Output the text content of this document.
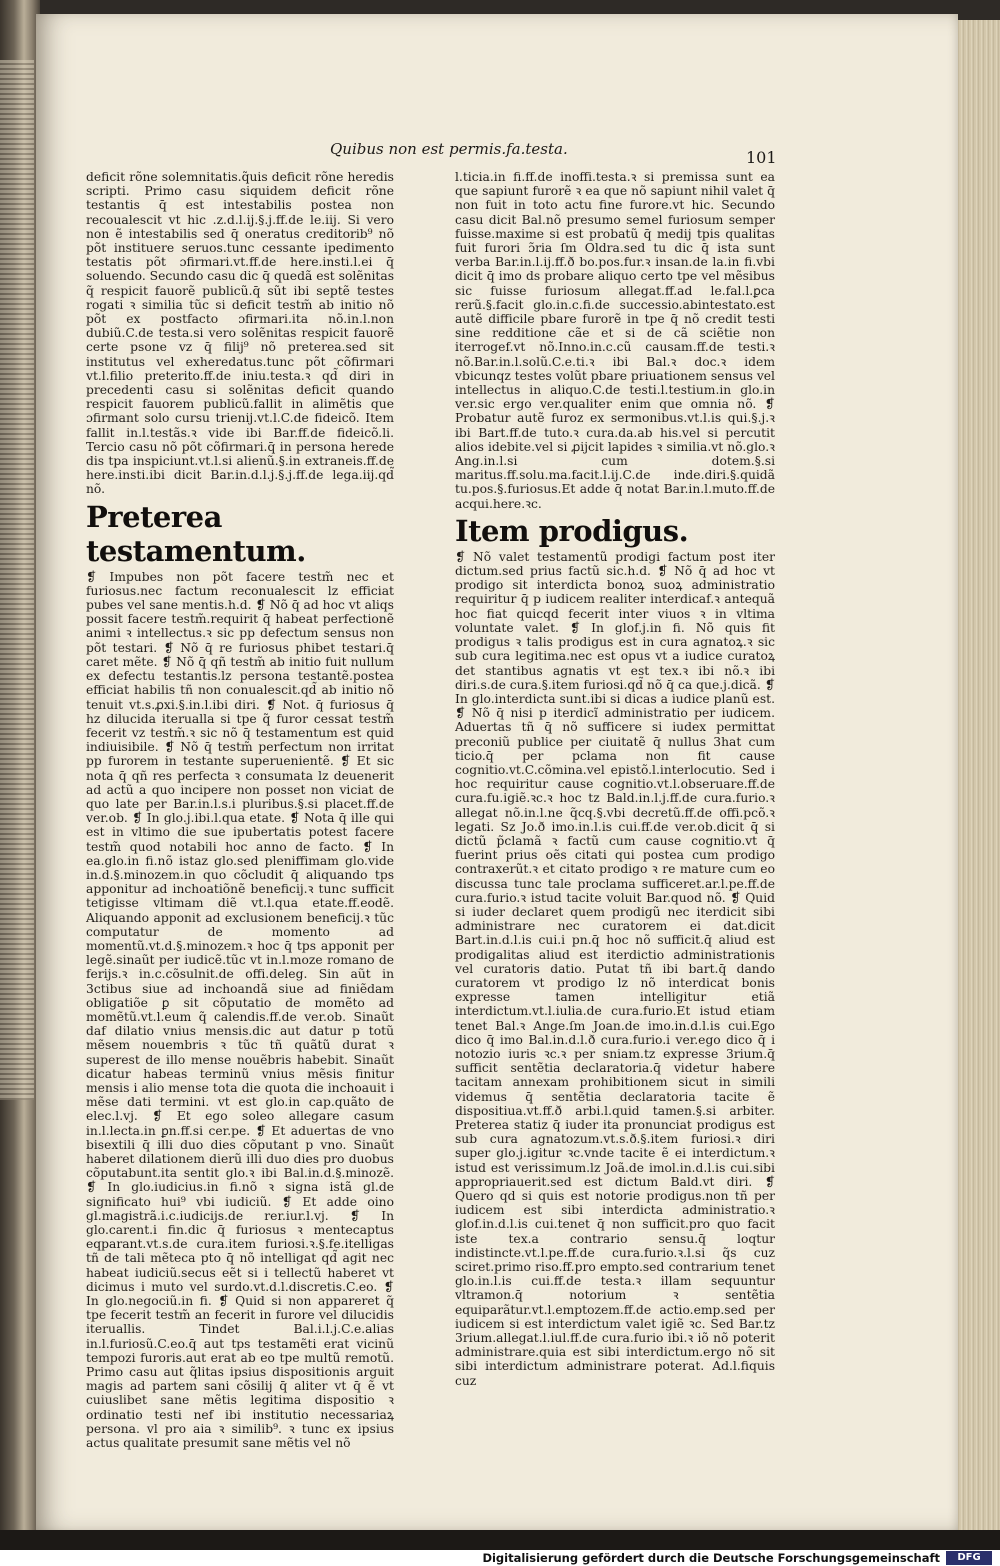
Quibus non est permis.fa.testa.	101

deficit rõne solemnitatis.q̃uis deficit rõne heredis scripti. Primo casu siquidem deficit rõne testantis q̄ est intestabilis postea non recoualescit vt hic .z.d.l.ij.§.j.ff.de le.iij. Si vero non ẽ intestabilis sed q̄ oneratus creditorib⁹ nõ põt instituere seruos.tunc cessante ipedimento testatis põt ɔfirmari.vt.ff.de here.insti.l.ei q̄ soluendo. Secundo casu dic q̄ quedã est solẽnitas q̃ respicit fauorẽ publicũ.q̄ sũt ibi septẽ testes rogati ꝛ similia tũc si deficit testm̃ ab initio nõ põt ex postfacto ɔfirmari.ita nõ.in.l.non dubiũ.C.de testa.si vero solẽnitas respicit fauorẽ certe psone vz q̄ filij⁹ nõ preterea.sed sit institutus vel exheredatus.tunc põt cõfirmari vt.l.filio preterito.ff.de iniu.testa.ꝛ qd̃ diri in precedenti casu si solẽnitas deficit quando respicit fauorem publicũ.fallit in alimẽtis que ɔfirmant solo cursu trienij.vt.l.C.de fideicõ. Item fallit in.l.testãs.ꝛ vide ibi Bar.ff.de fideicõ.li. Tercio casu nõ põt cõfirmari.q̄ in persona herede dis tpa inspiciunt.vt.l.si alienũ.§.in extraneis.ff.de here.insti.ibi dicit Bar.in.d.l.j.§.j.ff.de lega.iij.qd̃ nõ.

Preterea testamentum.

❡ Impubes non põt facere testm̃ nec et furiosus.nec factum reconualescit lz efficiat pubes vel sane mentis.h.d. ❡ Nõ q̄ ad hoc vt aliqs possit facere testm̃.requirit q̄ habeat perfectionẽ animi ꝛ intellectus.ꝛ sic pp defectum sensus non põt testari. ❡ Nõ q̄ re furiosus phibet testari.q̄ caret mẽte. ❡ Nõ q̄ qñ testm̃ ab initio fuit nullum ex defectu testantis.lz persona testantẽ.postea efficiat habilis tñ non conualescit.qd̃ ab initio nõ tenuit vt.s.ꝓxi.§.in.l.ibi diri. ❡ Not. q̄ furiosus q̄ hz dilucida iterualla si tpe q̃ furor cessat testm̃ fecerit vz testm̃.ꝛ sic nõ q̄ testamentum est quid indiuisibile. ❡ Nõ q̄ testm̃ perfectum non irritat pp furorem in testante superuenientẽ. ❡ Et sic nota q̄ qñ res perfecta ꝛ consumata lz deuenerit ad actũ a quo incipere non posset non viciat de quo late per Bar.in.l.s.i pluribus.§.si placet.ff.de ver.ob. ❡ In glo.j.ibi.l.qua etate. ❡ Nota q̄ ille qui est in vltimo die sue ipubertatis potest facere testm̃ quod notabili hoc anno de facto. ❡ In ea.glo.in fi.nõ istaz glo.sed pleniffimam glo.vide in.d.§.minozem.in quo cõcludit q̄ aliquando tps apponitur ad inchoatiõnẽ beneficij.ꝛ tunc sufficit tetigisse vltimam diẽ vt.l.qua etate.ff.eodẽ. Aliquando apponit ad exclusionem beneficij.ꝛ tũc computatur de momento ad momentũ.vt.d.§.minozem.ꝛ hoc q̄ tps apponit per legẽ.sinaũt per iudicẽ.tũc vt in.l.moze romano de ferijs.ꝛ in.c.cõsulnit.de offi.deleg. Sin aũt in 3ctibus siue ad inchoandã siue ad finiẽdam obligatiõe ꝑ sit cõputatio de momẽto ad momẽtũ.vt.l.eum q̃ calendis.ff.de ver.ob. Sinaũt daf dilatio vnius mensis.dic aut datur p totũ mẽsem nouembris ꝛ tũc tñ quãtũ durat ꝛ superest de illo mense nouẽbris habebit. Sinaũt dicatur habeas terminũ vnius mẽsis finitur mensis i alio mense tota die quota die inchoauit i mẽse dati termini. vt est glo.in cap.quãto de elec.l.vj. ❡ Et ego soleo allegare casum in.l.lecta.in ꝑn.ff.si cer.pe. ❡ Et aduertas de vno bisextili q̄ illi duo dies cõputant p vno. Sinaũt haberet dilationem dierũ illi duo dies pro duobus cõputabunt.ita sentit glo.ꝛ ibi Bal.in.d.§.minozẽ. ❡ In glo.iudicius.in fi.nõ ꝛ signa istã gl.de significato hui⁹ vbi iudiciũ. ❡ Et adde oino gl.magistrã.i.c.iudicijs.de rer.iur.l.vj. ❡ In glo.carent.i fin.dic q̄ furiosus ꝛ mentecaptus eqparant.vt.s.de cura.item furiosi.ꝛ.§.fe.itelligas tñ de tali mẽteca pto q̄ nõ intelligat qd̃ agit nec habeat iudiciũ.secus eẽt si i tellectũ haberet vt dicimus i muto vel surdo.vt.d.l.discretis.C.eo. ❡ In glo.negociũ.in fi. ❡ Quid si non appareret q̃ tpe fecerit testm̃ an fecerit in furore vel dilucidis iteruallis. Tindet Bal.i.l.j.C.e.alias in.l.furiosũ.C.eo.q̄ aut tps testamẽti erat vicinũ tempozi furoris.aut erat ab eo tpe multũ remotũ. Primo casu aut q̃litas ipsius dispositionis arguit magis ad partem sani cõsilij q̄ aliter vt q̄ ẽ vt cuiuslibet sane mẽtis legitima dispositio ꝛ ordinatio testi nef ibi institutio necessariaꝝ persona. vl pro aia ꝛ similib⁹. ꝛ tunc ex ipsius actus qualitate presumit sane mẽtis vel nõ

l.ticia.in fi.ff.de inoffi.testa.ꝛ si premissa sunt ea que sapiunt furorẽ ꝛ ea que nõ sapiunt nihil valet q̄ non fuit in toto actu fine furore.vt hic. Secundo casu dicit Bal.nõ presumo semel furiosum semper fuisse.maxime si est probatũ q̄ medij tpis qualitas fuit furori ɔ̃ria ſm Oldra.sed tu dic q̄ ista sunt verba Bar.in.l.ij.ff.ð bo.pos.fur.ꝛ insan.de la.in fi.vbi dicit q̄ imo ds probare aliquo certo tpe vel mẽsibus sic fuisse furiosum allegat.ff.ad le.fal.l.ꝑca rerũ.§.facit glo.in.c.fi.de successio.abintestato.est autẽ difficile pbare furorẽ in tpe q̄ nõ credit testi sine redditione cãe et si de cã sciẽtie non iterrogef.vt nõ.Inno.in.c.cũ causam.ff.de testi.ꝛ nõ.Bar.in.l.solũ.C.e.ti.ꝛ ibi Bal.ꝛ doc.ꝛ idem vbicunqz testes volũt pbare priuationem sensus vel intellectus in aliquo.C.de testi.l.testium.in glo.in ver.sic ergo ver.qualiter enim que omnia nõ. ❡ Probatur autẽ furoz ex sermonibus.vt.l.is qui.§.j.ꝛ ibi Bart.ff.de tuto.ꝛ cura.da.ab his.vel si percutit alios idebite.vel si ꝓijcit lapides ꝛ similia.vt nõ.glo.ꝛ Ang.in.l.si cum dotem.§.si maritus.ff.solu.ma.facit.l.ij.C.de inde.diri.§.quidã tu.pos.§.furiosus.Et adde q̄ notat Bar.in.l.muto.ff.de acqui.here.ꝛc.

Item prodigus.

❡ Nõ valet testamentũ prodigi factum post iter dictum.sed prius factũ sic.h.d. ❡ Nõ q̄ ad hoc vt prodigo sit interdicta bonoꝝ suoꝝ administratio requiritur q̄ p iudicem realiter interdicaf.ꝛ antequã hoc fiat quicqd fecerit inter viuos ꝛ in vltima voluntate valet. ❡ In glof.j.in fi. Nõ quis fit prodigus ꝛ talis prodigus est in cura agnatoꝝ.ꝛ sic sub cura legitima.nec est opus vt a iudice curatoꝝ det stantibus agnatis vt est tex.ꝛ ibi nõ.ꝛ ibi diri.s.de cura.§.item furiosi.qd̃ nõ q̄ ca que.j.dicã. ❡ In glo.interdicta sunt.ibi si dicas a iudice planũ est. ❡ Nõ q̄ nisi p iterdicĩ administratio per iudicem. Aduertas tñ q̄ nõ sufficere si iudex permittat preconiũ publice per ciuitatẽ q̄ nullus 3hat cum ticio.q̄ per pclama non fit cause cognitio.vt.C.cõmina.vel epistõ.l.interlocutio. Sed i hoc requiritur cause cognitio.vt.l.obseruare.ff.de cura.fu.igiẽ.ꝛc.ꝛ hoc tz Bald.in.l.j.ff.de cura.furio.ꝛ allegat nõ.in.l.ne q̃cq.§.vbi decretũ.ff.de offi.pcõ.ꝛ legati. Sz Jo.ð imo.in.l.is cui.ff.de ver.ob.dicit q̄ si dictũ p̃clamã ꝛ factũ cum cause cognitio.vt q̄ fuerint prius oẽs citati qui postea cum prodigo contraxerũt.ꝛ et citato prodigo ꝛ re mature cum eo discussa tunc tale proclama sufficeret.ar.l.pe.ff.de cura.furio.ꝛ istud tacite voluit Bar.quod nõ. ❡ Quid si iuder declaret quem prodigũ nec iterdicit sibi administrare nec curatorem ei dat.dicit Bart.in.d.l.is cui.i pn.q̄ hoc nõ sufficit.q̄ aliud est prodigalitas aliud est iterdictio administrationis vel curatoris datio. Putat tñ ibi bart.q̄ dando curatorem vt prodigo lz nõ interdicat bonis expresse tamen intelligitur etiã interdictum.vt.l.iulia.de cura.furio.Et istud etiam tenet Bal.ꝛ Ange.ſm Joan.de imo.in.d.l.is cui.Ego dico q̄ imo Bal.in.d.l.ð cura.furio.i ver.ego dico q̄ i notozio iuris ꝛc.ꝛ per sniam.tz expresse 3rium.q̄ sufficit sentẽtia declaratoria.q̄ videtur habere tacitam annexam prohibitionem sicut in simili videmus q̄ sentẽtia declaratoria tacite ẽ dispositiua.vt.ff.ð arbi.l.quid tamen.§.si arbiter. Preterea statiz q̄ iuder ita pronunciat prodigus est sub cura agnatozum.vt.s.ð.§.item furiosi.ꝛ diri super glo.j.igitur ꝛc.vnde tacite ẽ ei interdictum.ꝛ istud est verissimum.lz Joã.de imol.in.d.l.is cui.sibi appropriauerit.sed est dictum Bald.vt diri. ❡ Quero qd si quis est notorie prodigus.non tñ per iudicem est sibi interdicta administratio.ꝛ glof.in.d.l.is cui.tenet q̄ non sufficit.pro quo facit iste tex.a contrario sensu.q̄ loqtur indistincte.vt.l.pe.ff.de cura.furio.ꝛ.l.si q̃s cuz sciret.primo riso.ff.pro empto.sed contrarium tenet glo.in.l.is cui.ff.de testa.ꝛ illam sequuntur vltramon.q̄ notorium ꝛ sentẽtia equiparãtur.vt.l.emptozem.ff.de actio.emp.sed per iudicem si est interdictum valet igiẽ ꝛc. Sed Bar.tz 3rium.allegat.l.iul.ff.de cura.furio ibi.ꝛ iõ nõ poterit administrare.quia est sibi interdictum.ergo nõ sit sibi interdictum administrare poterat. Ad.l.fiquis cuz

Digitalisierung gefördert durch die Deutsche Forschungsgemeinschaft	DFG
